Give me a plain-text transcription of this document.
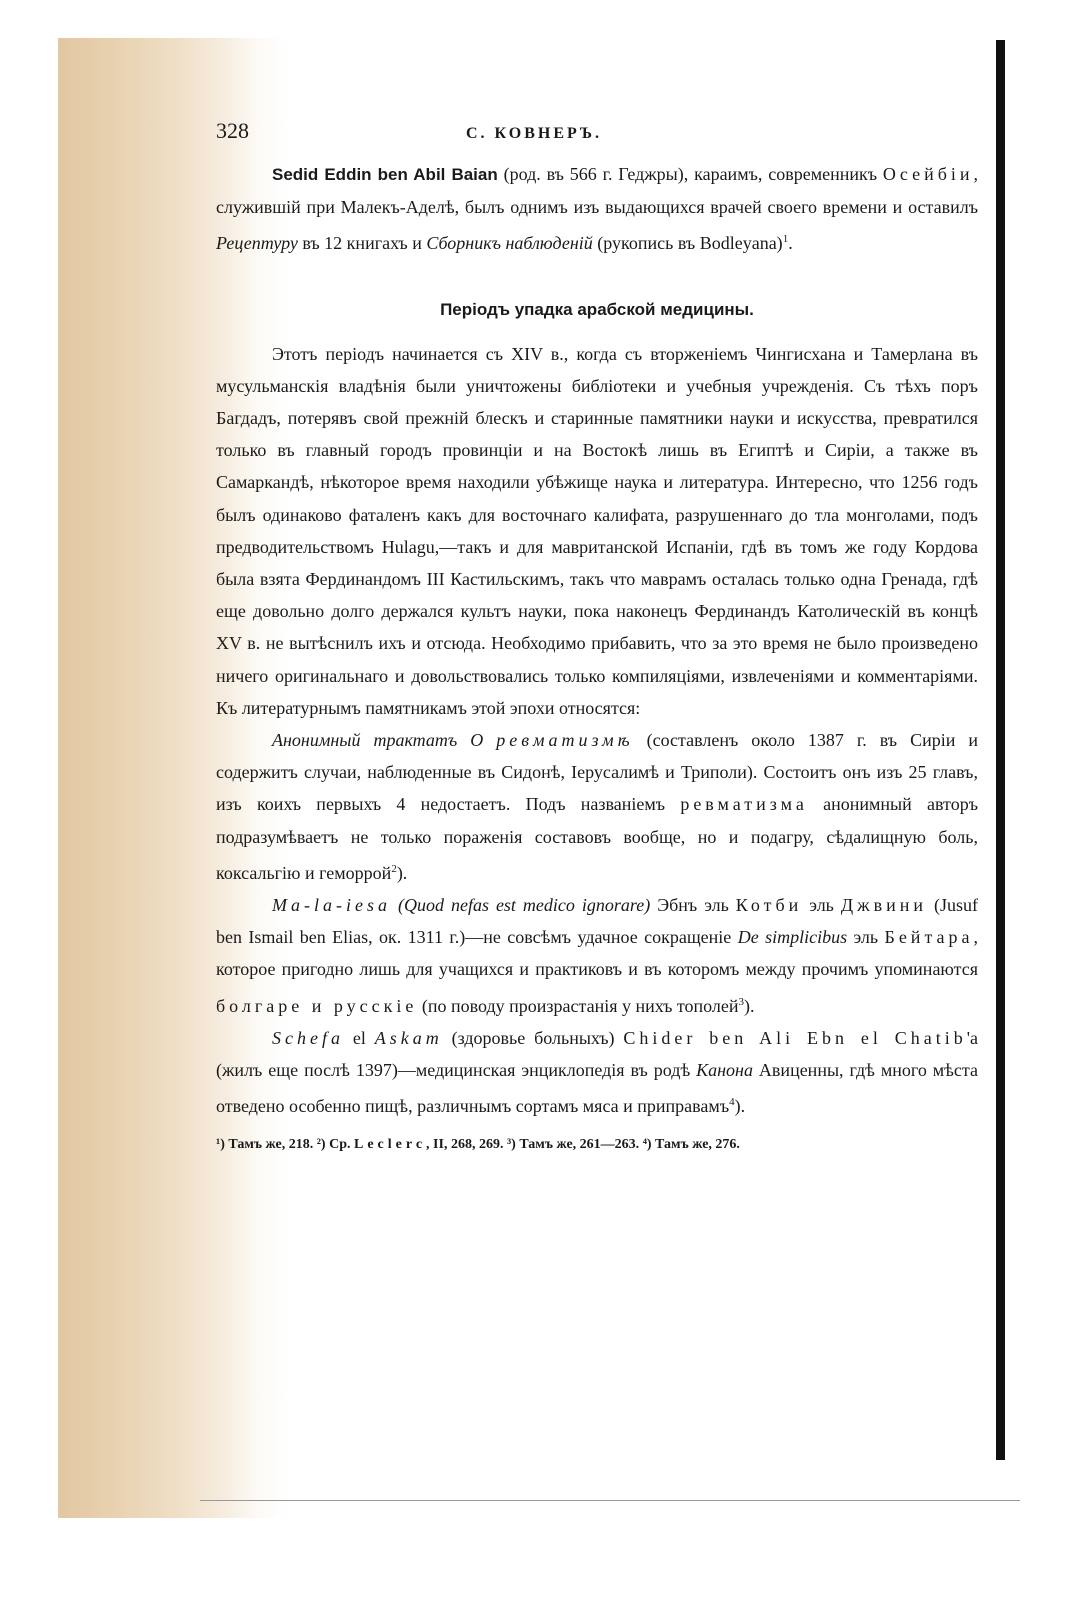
328	С. КОВНЕРЪ.

Sedid Eddin ben Abil Baian (род. въ 566 г. Геджры), караимъ, современникъ Осейбіи, служившій при Малекъ-Аделѣ, былъ однимъ изъ выдающихся врачей своего времени и оставилъ Рецептуру въ 12 книгахъ и Сборникъ наблюденій (рукопись въ Bodleyana)$^1$.

Періодъ упадка арабской медицины.

Этотъ періодъ начинается съ XIV в., когда съ вторженіемъ Чингисхана и Тамерлана въ мусульманскія владѣнія были уничтожены библіотеки и учебныя учрежденія. Съ тѣхъ поръ Багдадъ, потерявъ свой прежній блескъ и старинные памятники науки и искусства, превратился только въ главный городъ провинціи и на Востокѣ лишь въ Египтѣ и Сиріи, а также въ Самаркандѣ, нѣкоторое время находили убѣжище наука и литература. Интересно, что 1256 годъ былъ одинаково фаталенъ какъ для восточнаго калифата, разрушеннаго до тла монголами, подъ предводительствомъ Hulagu,—такъ и для мавританской Испаніи, гдѣ въ томъ же году Кордова была взята Фердинандомъ III Кастильскимъ, такъ что маврамъ осталась только одна Гренада, гдѣ еще довольно долго держался культъ науки, пока наконецъ Фердинандъ Католическій въ концѣ XV в. не вытѣснилъ ихъ и отсюда. Необходимо прибавить, что за это время не было произведено ничего оригинальнаго и довольствовались только компиляціями, извлеченіями и комментаріями. Къ литературнымъ памятникамъ этой эпохи относятся:

Анонимный трактатъ О ревматизмѣ (составленъ около 1387 г. въ Сиріи и содержитъ случаи, наблюденные въ Сидонѣ, Іерусалимѣ и Триполи). Состоитъ онъ изъ 25 главъ, изъ коихъ первыхъ 4 недостаетъ. Подъ названіемъ ревматизма анонимный авторъ подразумѣваетъ не только пораженія составовъ вообще, но и подагру, сѣдалищную боль, коксальгію и геморрой$^2$).

Ma-la-iesa (Quod nefas est medico ignorare) Эбнъ эль Котби эль Джвини (Jusuf ben Ismail ben Elias, ок. 1311 г.)—не совсѣмъ удачное сокращеніе De simplicibus эль Бейтара, которое пригодно лишь для учащихся и практиковъ и въ которомъ между прочимъ упоминаются болгаре и русскіе (по поводу произрастанія у нихъ тополей$^3$).

Schefa el Askam (здоровье больныхъ) Chider ben Ali Ebn el Chatib'а (жилъ еще послѣ 1397)—медицинская энциклопедія въ родѣ Канона Авиценны, гдѣ много мѣста отведено особенно пищѣ, различнымъ сортамъ мяса и приправамъ$^4$).

¹) Тамъ же, 218. ²) Ср. Leclerc, II, 268, 269. ³) Тамъ же, 261—263. ⁴) Тамъ же, 276.
